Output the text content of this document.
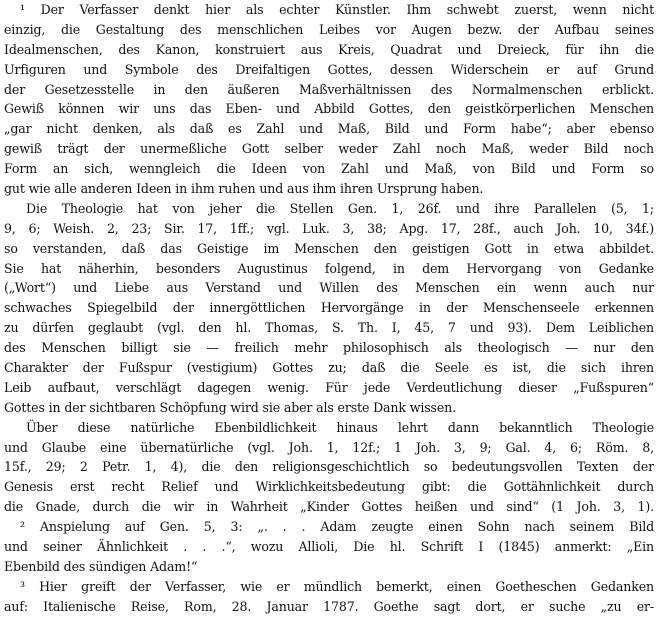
¹ Der Verfasser denkt hier als echter Künstler. Ihm schwebt zuerst, wenn nicht
einzig, die Gestaltung des menschlichen Leibes vor Augen bezw. der Aufbau seines
Idealmenschen, des Kanon, konstruiert aus Kreis, Quadrat und Dreieck, für ihn die
Urfiguren und Symbole des Dreifaltigen Gottes, dessen Widerschein er auf Grund
der Gesetzesstelle in den äußeren Maßverhältnissen des Normalmenschen erblickt.
Gewiß können wir uns das Eben- und Abbild Gottes, den geistkörperlichen Menschen
„gar nicht denken, als daß es Zahl und Maß, Bild und Form habe“; aber ebenso
gewiß trägt der unermeßliche Gott selber weder Zahl noch Maß, weder Bild noch
Form an sich, wenngleich die Ideen von Zahl und Maß, von Bild und Form so
gut wie alle anderen Ideen in ihm ruhen und aus ihm ihren Ursprung haben.
Die Theologie hat von jeher die Stellen Gen. 1, 26f. und ihre Parallelen (5, 1;
9, 6; Weish. 2, 23; Sir. 17, 1ff.; vgl. Luk. 3, 38; Apg. 17, 28f., auch Joh. 10, 34f.)
so verstanden, daß das Geistige im Menschen den geistigen Gott in etwa abbildet.
Sie hat näherhin, besonders Augustinus folgend, in dem Hervorgang von Gedanke
(„Wort“) und Liebe aus Verstand und Willen des Menschen ein wenn auch nur
schwaches Spiegelbild der innergöttlichen Hervorgänge in der Menschenseele erkennen
zu dürfen geglaubt (vgl. den hl. Thomas, S. Th. I, 45, 7 und 93). Dem Leiblichen
des Menschen billigt sie — freilich mehr philosophisch als theologisch — nur den
Charakter der Fußspur (vestigium) Gottes zu; daß die Seele es ist, die sich ihren
Leib aufbaut, verschlägt dagegen wenig. Für jede Verdeutlichung dieser „Fußspuren“
Gottes in der sichtbaren Schöpfung wird sie aber als erste Dank wissen.
Über diese natürliche Ebenbildlichkeit hinaus lehrt dann bekanntlich Theologie
und Glaube eine übernatürliche (vgl. Joh. 1, 12f.; 1 Joh. 3, 9; Gal. 4, 6; Röm. 8,
15f., 29; 2 Petr. 1, 4), die den religionsgeschichtlich so bedeutungsvollen Texten der
Genesis erst recht Relief und Wirklichkeitsbedeutung gibt: die Gottähnlichkeit durch
die Gnade, durch die wir in Wahrheit „Kinder Gottes heißen und sind“ (1 Joh. 3, 1).
² Anspielung auf Gen. 5, 3: „. . . Adam zeugte einen Sohn nach seinem Bild
und seiner Ähnlichkeit . . .“, wozu Allioli, Die hl. Schrift I (1845) anmerkt: „Ein
Ebenbild des sündigen Adam!“
³ Hier greift der Verfasser, wie er mündlich bemerkt, einen Goetheschen Gedanken
auf: Italienische Reise, Rom, 28. Januar 1787. Goethe sagt dort, er suche „zu er-
